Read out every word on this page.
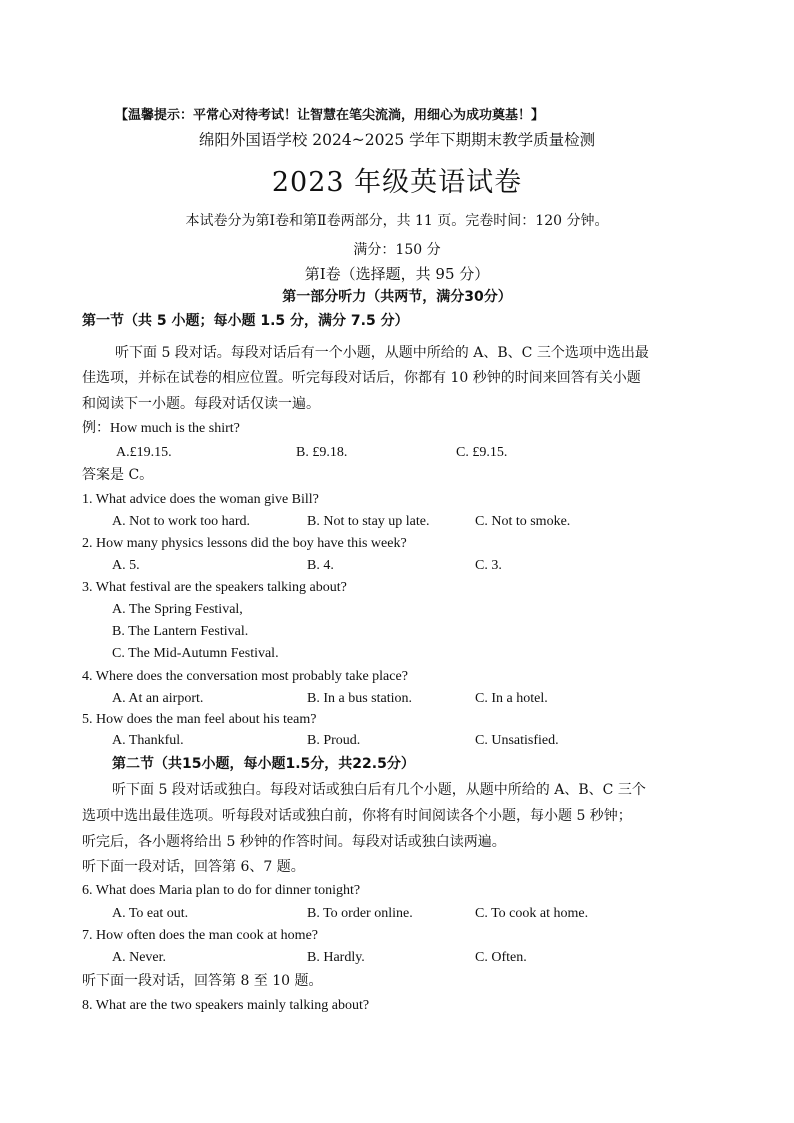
【温馨提示：平常心对待考试！让智慧在笔尖流淌，用细心为成功奠基！】
绵阳外国语学校 2024~2025 学年下期期末教学质量检测
2023 年级英语试卷
本试卷分为第Ⅰ卷和第Ⅱ卷两部分，共 11 页。完卷时间：120 分钟。
满分：150 分
第Ⅰ卷（选择题，共 95 分）
第一部分听力（共两节，满分30分）
第一节（共 5 小题；每小题 1.5 分，满分 7.5 分）
听下面 5 段对话。每段对话后有一个小题，从题中所给的 A、B、C 三个选项中选出最
佳选项，并标在试卷的相应位置。听完每段对话后，你都有 10 秒钟的时间来回答有关小题
和阅读下一小题。每段对话仅读一遍。
例：How much is the shirt?
A.£19.15.	B. £9.18.	C. £9.15.
答案是 C。
1. What advice does the woman give Bill?
A. Not to work too hard.	B. Not to stay up late.	C. Not to smoke.
2. How many physics lessons did the boy have this week?
A. 5.	B. 4.	C. 3.
3. What festival are the speakers talking about?
A. The Spring Festival,
B. The Lantern Festival.
C. The Mid-Autumn Festival.
4. Where does the conversation most probably take place?
A. At an airport.	B. In a bus station.	C. In a hotel.
5. How does the man feel about his team?
A. Thankful.	B. Proud.	C. Unsatisfied.
第二节（共15小题，每小题1.5分，共22.5分）
听下面 5 段对话或独白。每段对话或独白后有几个小题，从题中所给的 A、B、C 三个
选项中选出最佳选项。听每段对话或独白前，你将有时间阅读各个小题，每小题 5 秒钟；
听完后，各小题将给出 5 秒钟的作答时间。每段对话或独白读两遍。
听下面一段对话，回答第 6、7 题。
6. What does Maria plan to do for dinner tonight?
A. To eat out.	B. To order online.	C. To cook at home.
7. How often does the man cook at home?
A. Never.	B. Hardly.	C. Often.
听下面一段对话，回答第 8 至 10 题。
8. What are the two speakers mainly talking about?
